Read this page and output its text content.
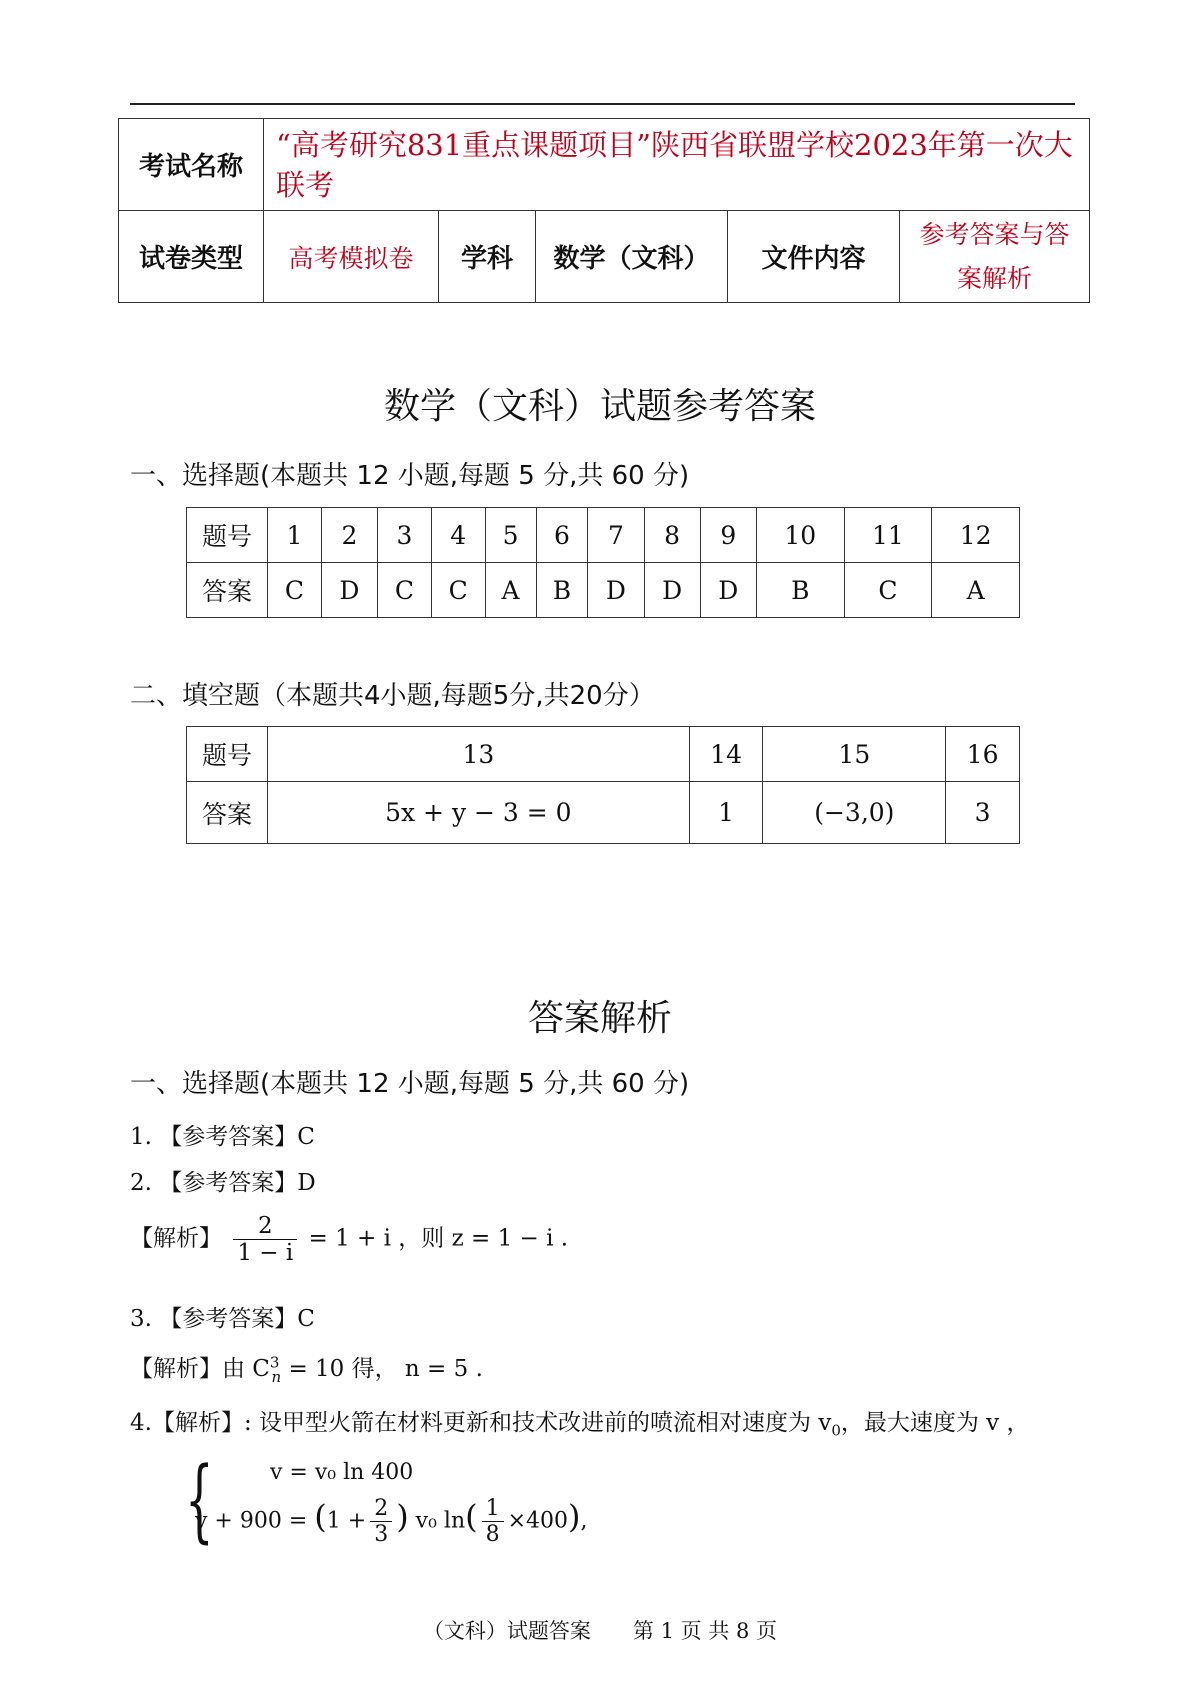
考试名称	“高考研究831重点课题项目”陕西省联盟学校2023年第一次大联考				
试卷类型	高考模拟卷	学科	数学（文科）	文件内容	参考答案与答案解析
数学（文科）试题参考答案
一、选择题(本题共 12 小题,每题 5 分,共 60 分)
题号	1	2	3	4	5	6	7	8	9	10	11	12
答案	C	D	C	C	A	B	D	D	D	B	C	A
二、填空题（本题共4小题,每题5分,共20分）
题号	13	14	15	16
答案	5x + y − 3 = 0	1	(−3,0)	3
答案解析
一、选择题(本题共 12 小题,每题 5 分,共 60 分)
1. 【参考答案】C
2. 【参考答案】D
【解析】 $\frac{2}{1 - i} = 1 + i$ ，则 z = 1 − i .
3. 【参考答案】C
【解析】由 $C^3_n = 10$ 得， n = 5 .
4.【解析】: 设甲型火箭在材料更新和技术改进前的喷流相对速度为 $v_0$，最大速度为 v ，
{	v = v₀ ln 400
$v + 900 = (1 + \frac{2}{3}$ ) v₀ $\ln( \frac{1}{8} \times 400)$,
（文科）试题答案　　第 1 页 共 8 页
